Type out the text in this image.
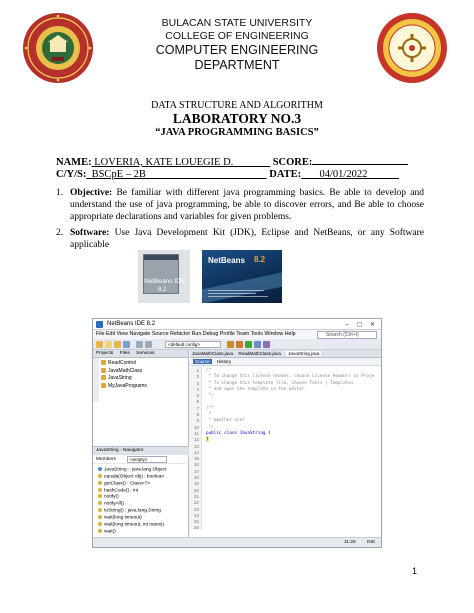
BULACAN STATE UNIVERSITY
COLLEGE OF ENGINEERING
COMPUTER ENGINEERING
DEPARTMENT
DATA STRUCTURE AND ALGORITHM
LABORATORY NO.3
“JAVA PROGRAMMING BASICS”
NAME: LOVERIA, KATE LOUEGIE D._______ SCORE:
C/Y/S: BSCpE – 2B_______________________ DATE: ___04/01/2022______
1. Objective: Be familiar with different java programming basics. Be able to develop and understand the use of java programming, be able to discover errors, and Be able to choose appropriate declarations and variables for given problems.
2. Software: Use Java Development Kit (JDK), Eclipse and NetBeans, or any Software applicable
NetBeans IDE
8.2
NetBeans 8.2
NetBeans IDE 8.2	– ▢ ✕
File Edit View Navigate Source Refactor Run Debug Profile Team Tools Window Help	Search (Ctrl+I)
<default config>
Projects Files Services
ReadControl
JavaMathClass
JavaString
MyJavaPrograms
JavaString - Navigator
Members	<empty>
JavaString :: java.lang.Object
equals(Object obj) : boolean
getClass() : Class<?>
hashCode() : int
notify()
notifyAll()
toString() : java.lang.String
wait(long timeout)
wait(long timeout, int nanos)
wait()
JavaMathClass.java ReadMathClass.java JavaString.java
Source History
1
2
3
4
5
6
7
8
9
10
11
12
13
14
15
16
17
18
19
20
21
22
23
24
25
26
/*
* To change this license header, choose License Headers in Proje
* To change this template file, choose Tools | Templates
* and open the template in the editor.
*/

/**
*
* @author acer
*/
public class JavaString {
}
11:26 INS
1
